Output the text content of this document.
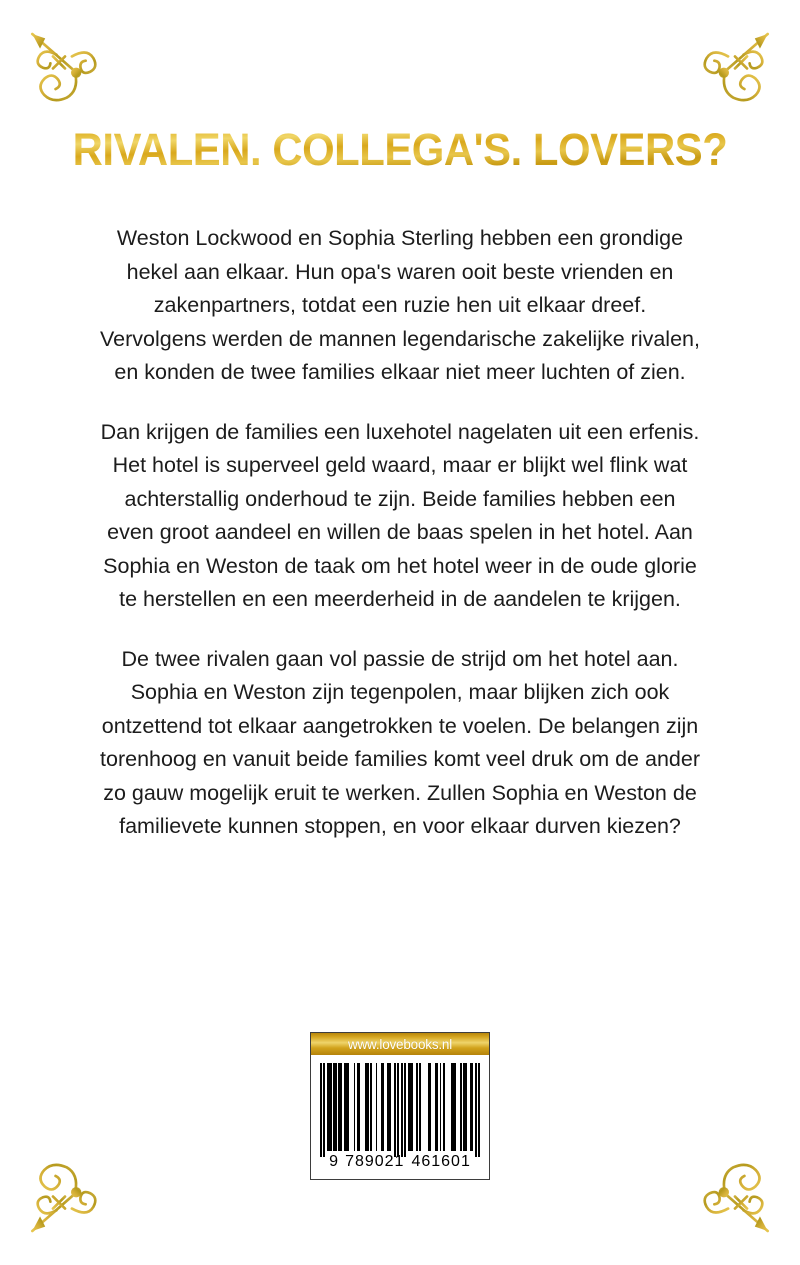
RIVALEN. COLLEGA'S. LOVERS?

Weston Lockwood en Sophia Sterling hebben een grondige hekel aan elkaar. Hun opa's waren ooit beste vrienden en zakenpartners, totdat een ruzie hen uit elkaar dreef. Vervolgens werden de mannen legendarische zakelijke rivalen, en konden de twee families elkaar niet meer luchten of zien.

Dan krijgen de families een luxehotel nagelaten uit een erfenis. Het hotel is superveel geld waard, maar er blijkt wel flink wat achterstallig onderhoud te zijn. Beide families hebben een even groot aandeel en willen de baas spelen in het hotel. Aan Sophia en Weston de taak om het hotel weer in de oude glorie te herstellen en een meerderheid in de aandelen te krijgen.

De twee rivalen gaan vol passie de strijd om het hotel aan. Sophia en Weston zijn tegenpolen, maar blijken zich ook ontzettend tot elkaar aangetrokken te voelen. De belangen zijn torenhoog en vanuit beide families komt veel druk om de ander zo gauw mogelijk eruit te werken. Zullen Sophia en Weston de familievete kunnen stoppen, en voor elkaar durven kiezen?

www.lovebooks.nl
9 789021 461601
